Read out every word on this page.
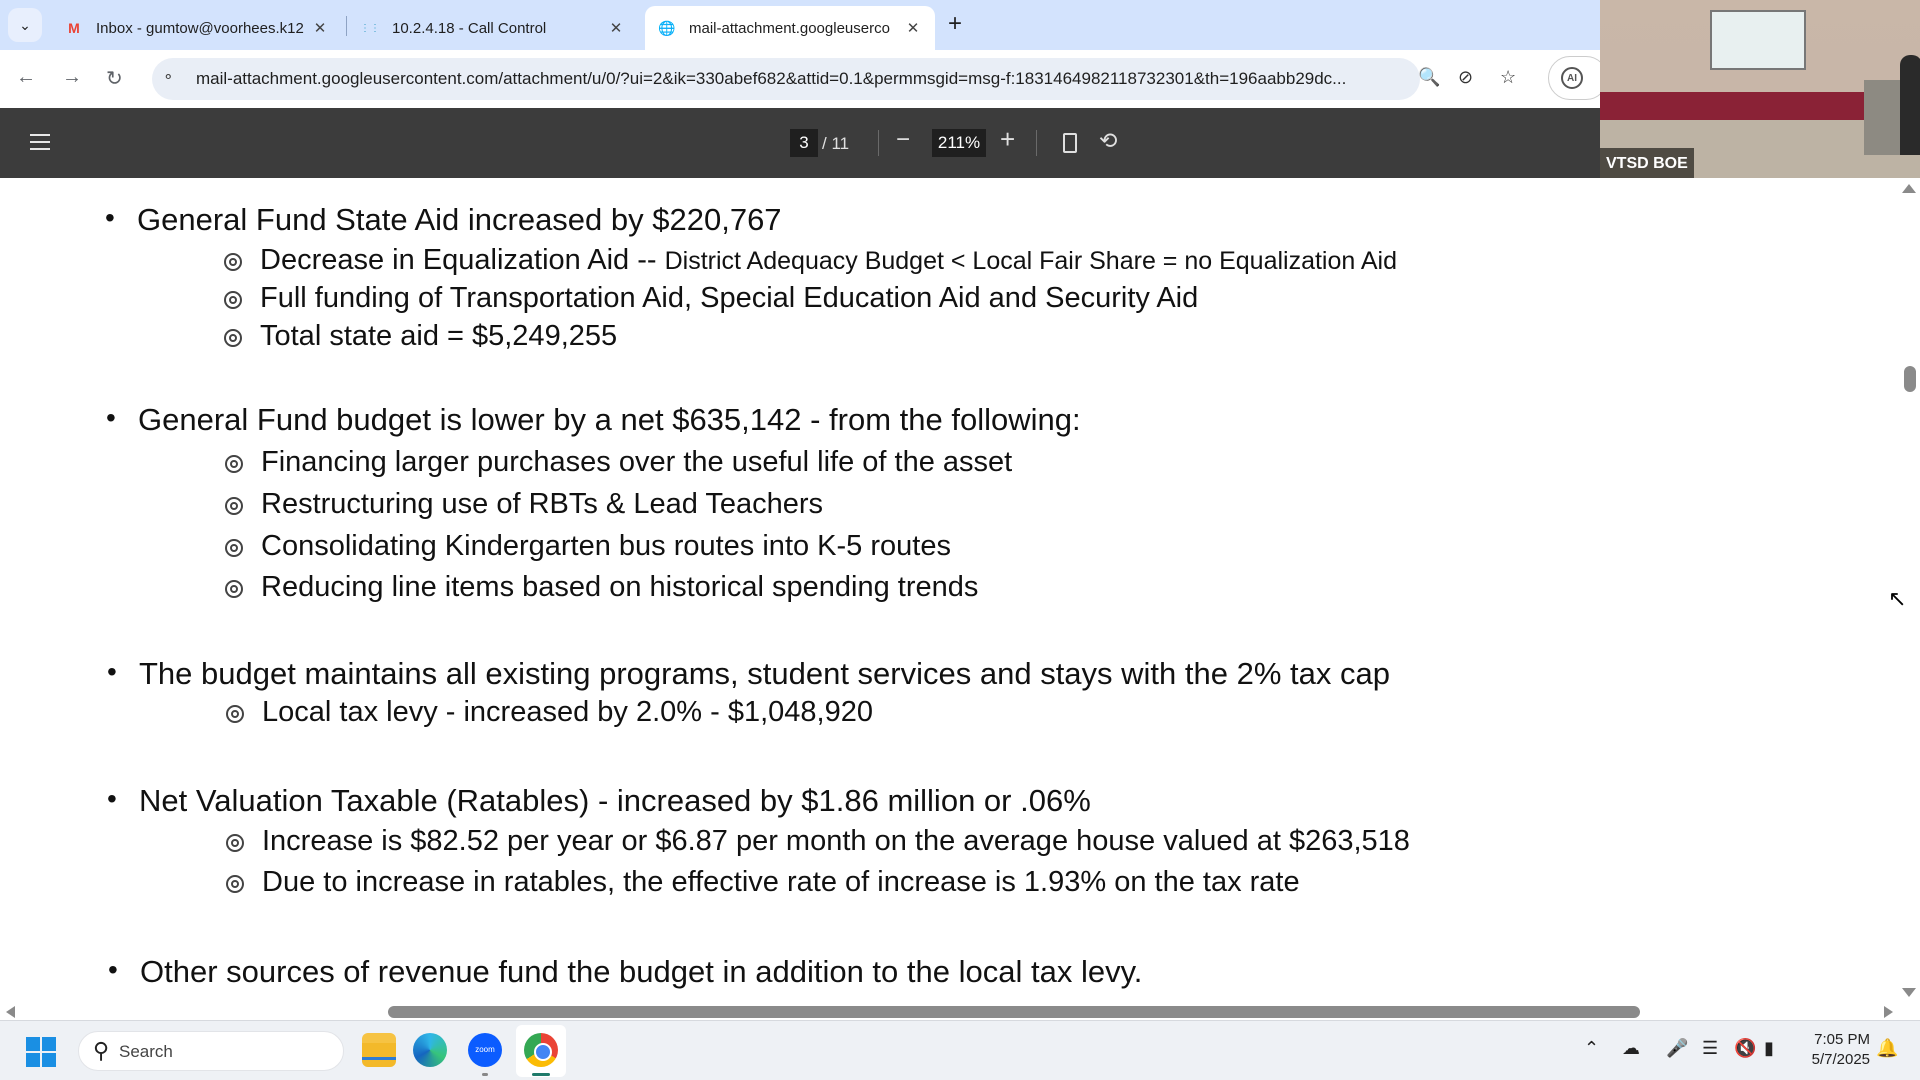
⌄	M Inbox - gumtow@voorhees.k12 ✕	⋮⋮ 10.2.4.18 - Call Control	✕	🌐 mail-attachment.googleuserco	✕ +
← → ↻	⚬ mail-attachment.googleusercontent.com/attachment/u/0/?ui=2&ik=330abef682&attid=0.1&permmsgid=msg-f:1831464982118732301&th=196aabb29dc...	🔍 ⊘ ☆	AI
3 / 11 −	211% +	⟲
VTSD BOE
• General Fund State Aid increased by $220,767
Decrease in Equalization Aid -- District Adequacy Budget < Local Fair Share = no Equalization Aid
Full funding of Transportation Aid, Special Education Aid and Security Aid
Total state aid = $5,249,255
• General Fund budget is lower by a net $635,142 - from the following:
Financing larger purchases over the useful life of the asset
Restructuring use of RBTs & Lead Teachers
Consolidating Kindergarten bus routes into K-5 routes
Reducing line items based on historical spending trends
• The budget maintains all existing programs, student services and stays with the 2% tax cap
Local tax levy - increased by 2.0% - $1,048,920
• Net Valuation Taxable (Ratables) - increased by $1.86 million or .06%
Increase is $82.52 per year or $6.87 per month on the average house valued at $263,518
Due to increase in ratables, the effective rate of increase is 1.93% on the tax rate
• Other sources of revenue fund the budget in addition to the local tax levy.
↖
⚲ Search	zoom	⌃ ☁ 🎤 ☰ 🔇 ▮	7:05 PM
5/7/2025
🔔
